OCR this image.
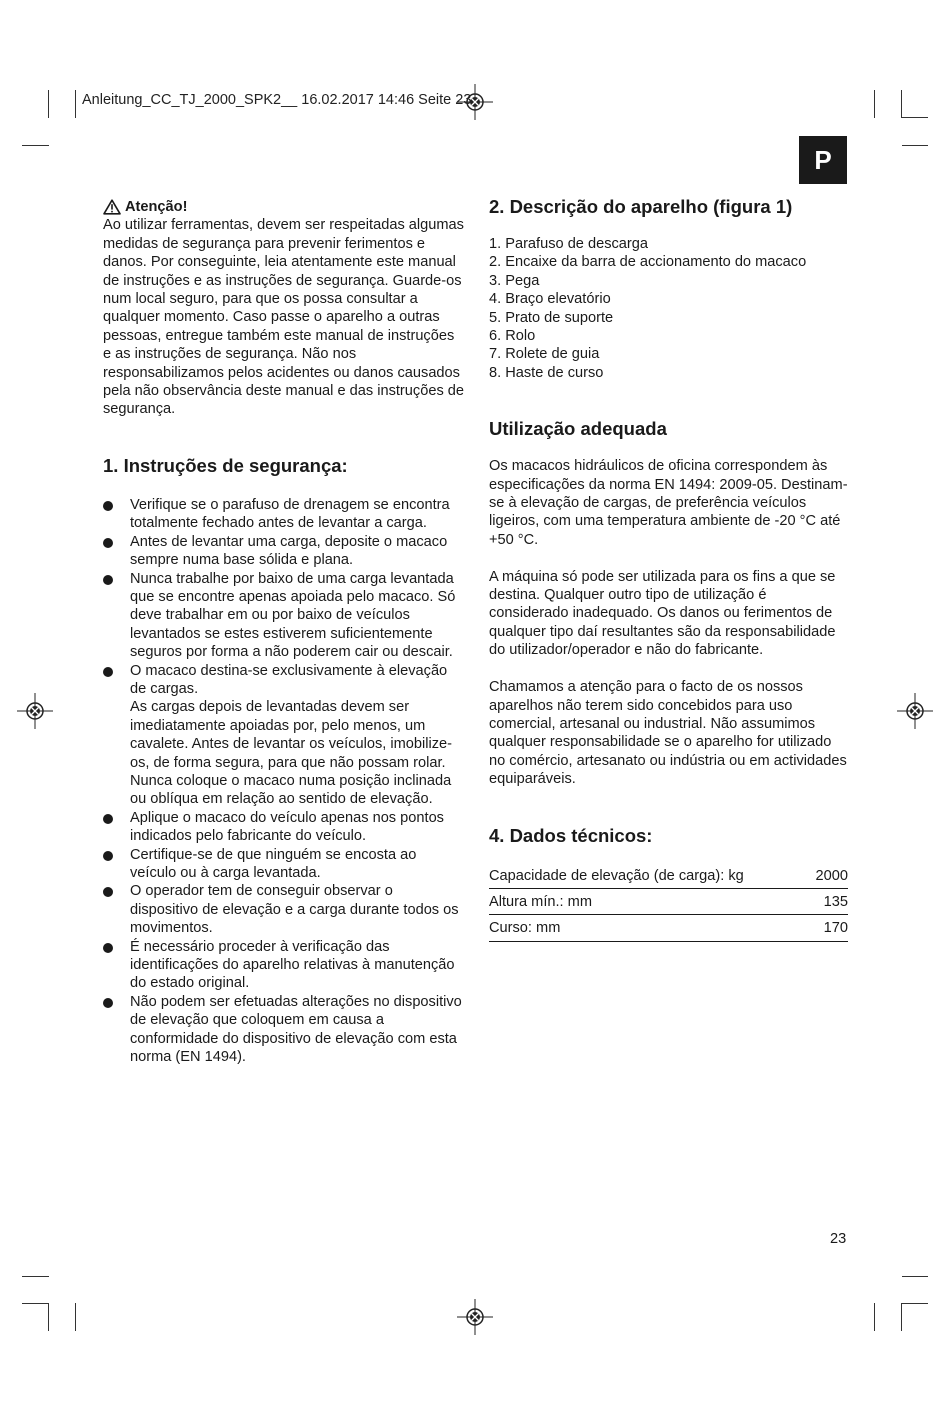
Anleitung_CC_TJ_2000_SPK2__ 16.02.2017 14:46 Seite 23
P
Atenção!

Ao utilizar ferramentas, devem ser respeitadas algumas medidas de segurança para prevenir ferimentos e danos. Por conseguinte, leia atentamente este manual de instruções e as instruções de segurança. Guarde-os num local seguro, para que os possa consultar a qualquer momento. Caso passe o aparelho a outras pessoas, entregue também este manual de instruções e as instruções de segurança. Não nos responsabilizamos pelos acidentes ou danos causados pela não observância deste manual e das instruções de segurança.

1. Instruções de segurança:
Verifique se o parafuso de drenagem se encontra totalmente fechado antes de levantar a carga.
Antes de levantar uma carga, deposite o macaco sempre numa base sólida e plana.
Nunca trabalhe por baixo de uma carga levantada que se encontre apenas apoiada pelo macaco. Só deve trabalhar em ou por baixo de veículos levantados se estes estiverem suficientemente seguros por forma a não poderem cair ou descair.
O macaco destina-se exclusivamente à elevação de cargas.
As cargas depois de levantadas devem ser imediatamente apoiadas por, pelo menos, um cavalete. Antes de levantar os veículos, imobilize-os, de forma segura, para que não possam rolar. Nunca coloque o macaco numa posição inclinada ou oblíqua em relação ao sentido de elevação.
Aplique o macaco do veículo apenas nos pontos indicados pelo fabricante do veículo.
Certifique-se de que ninguém se encosta ao veículo ou à carga levantada.
O operador tem de conseguir observar o dispositivo de elevação e a carga durante todos os movimentos.
É necessário proceder à verificação das identificações do aparelho relativas à manutenção do estado original.
Não podem ser efetuadas alterações no dispositivo de elevação que coloquem em causa a conformidade do dispositivo de elevação com esta norma (EN 1494).
2. Descrição do aparelho (figura 1)
1. Parafuso de descarga
2. Encaixe da barra de accionamento do macaco
3. Pega
4. Braço elevatório
5. Prato de suporte
6. Rolo
7. Rolete de guia
8. Haste de curso
Utilização adequada

Os macacos hidráulicos de oficina correspondem às especificações da norma EN 1494: 2009-05. Destinam-se à elevação de cargas, de preferência veículos ligeiros, com uma temperatura ambiente de -20 °C até +50 °C.

A máquina só pode ser utilizada para os fins a que se destina. Qualquer outro tipo de utilização é considerado inadequado. Os danos ou ferimentos de qualquer tipo daí resultantes são da responsabilidade do utilizador/operador e não do fabricante.

Chamamos a atenção para o facto de os nossos aparelhos não terem sido concebidos para uso comercial, artesanal ou industrial. Não assumimos qualquer responsabilidade se o aparelho for utilizado no comércio, artesanato ou indústria ou em actividades equiparáveis.

4. Dados técnicos:
Capacidade de elevação (de carga): kg	2000
Altura mín.: mm	135
Curso: mm	170
23
